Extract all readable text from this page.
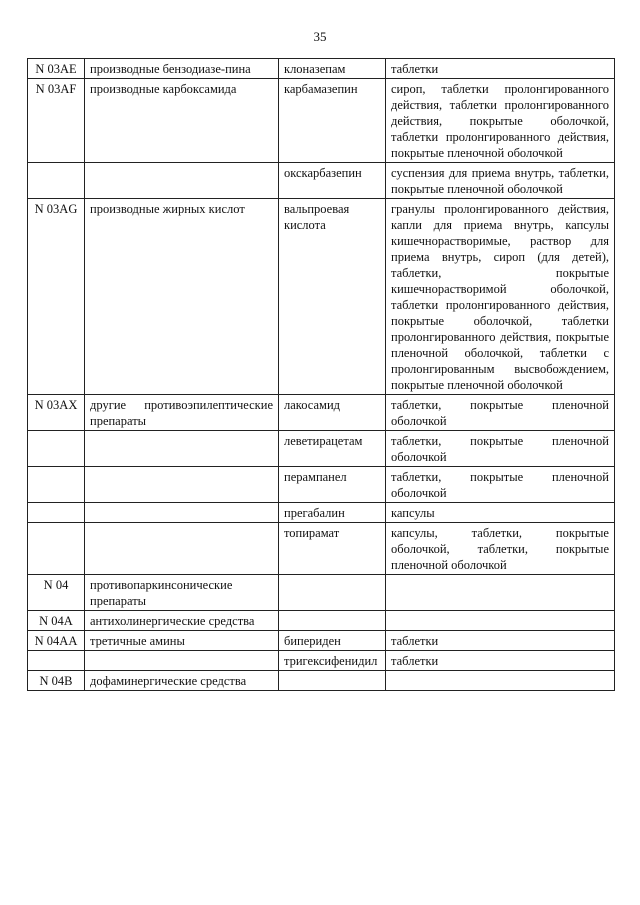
35
N 03AE	производные бензодиазе-пина	клоназепам	таблетки
N 03AF	производные карбоксамида	карбамазепин	сироп, таблетки пролонгированного действия, таблетки пролонгированного действия, покрытые оболочкой, таблетки пролонгированного действия, покрытые пленочной оболочкой
		окскарбазепин	суспензия для приема внутрь, таблетки, покрытые пленочной оболочкой
N 03AG	производные жирных кислот	вальпроевая кислота	гранулы пролонгированного действия, капли для приема внутрь, капсулы кишечнорастворимые, раствор для приема внутрь, сироп (для детей), таблетки, покрытые кишечнорастворимой оболочкой, таблетки пролонгированного действия, покрытые оболочкой, таблетки пролонгированного действия, покрытые пленочной оболочкой, таблетки с пролонгированным высвобождением, покрытые пленочной оболочкой
N 03AX	другие противоэпилептические препараты	лакосамид	таблетки, покрытые пленочной оболочкой
		леветирацетам	таблетки, покрытые пленочной оболочкой
		перампанел	таблетки, покрытые пленочной оболочкой
		прегабалин	капсулы
		топирамат	капсулы, таблетки, покрытые оболочкой, таблетки, покрытые пленочной оболочкой
N 04	противопаркинсонические препараты		
N 04A	антихолинергические средства		
N 04AA	третичные амины	бипериден	таблетки
		тригексифенидил	таблетки
N 04B	дофаминергические средства		
